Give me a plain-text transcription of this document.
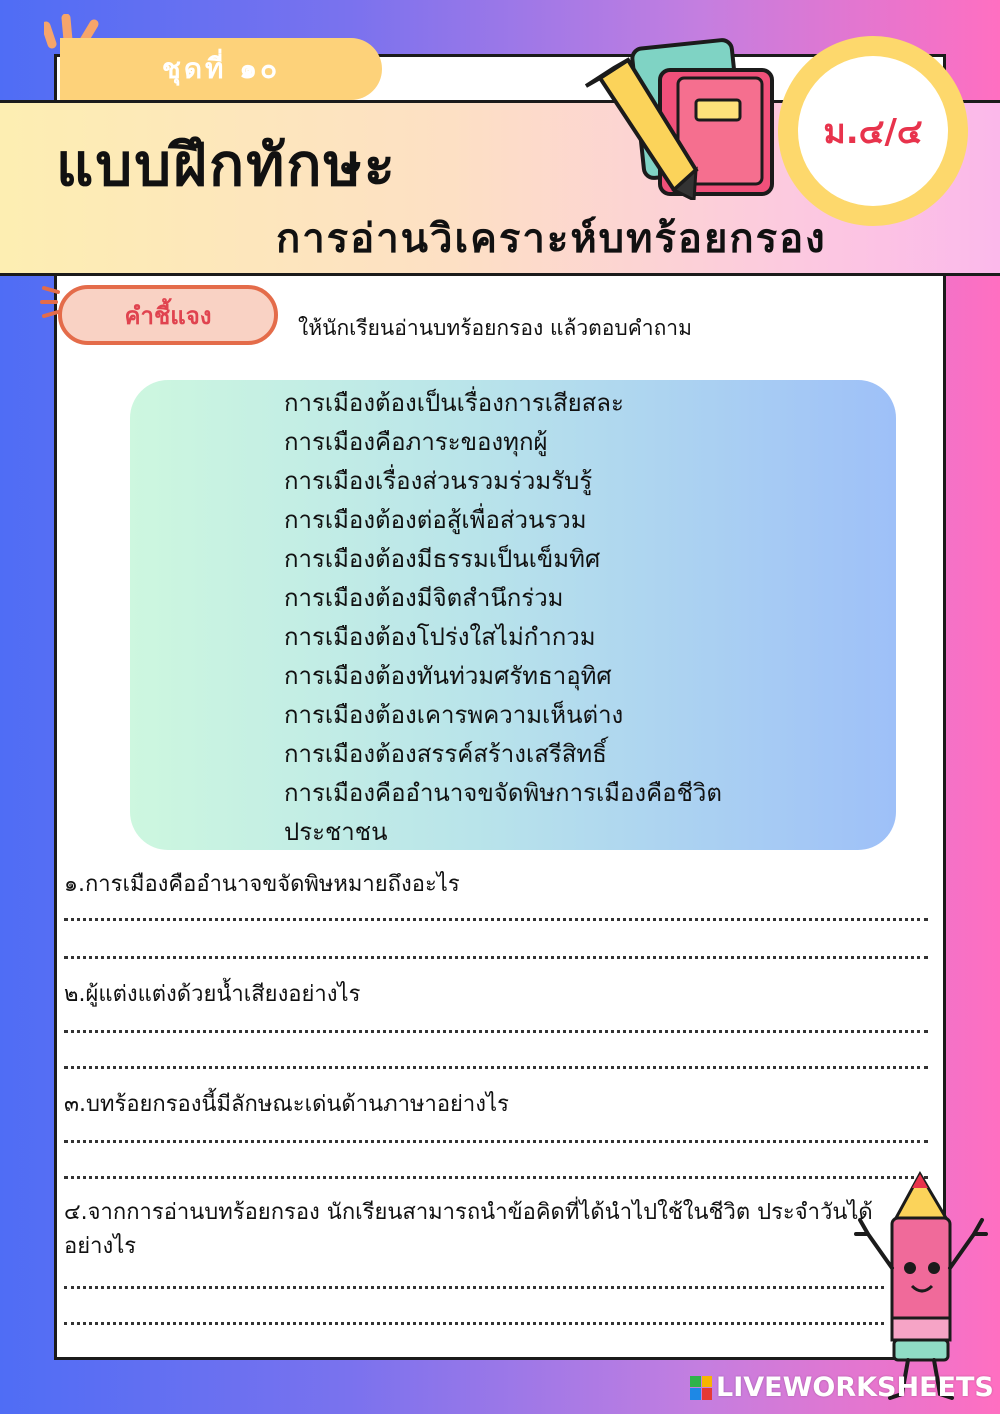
ชุดที่ ๑๐
แบบฝึกทักษะ
การอ่านวิเคราะห์บทร้อยกรอง
ม.๔/๔
คำชี้แจง	ให้นักเรียนอ่านบทร้อยกรอง แล้วตอบคำถาม
การเมืองต้องเป็นเรื่องการเสียสละ
การเมืองคือภาระของทุกผู้
การเมืองเรื่องส่วนรวมร่วมรับรู้
การเมืองต้องต่อสู้เพื่อส่วนรวม
การเมืองต้องมีธรรมเป็นเข็มทิศ
การเมืองต้องมีจิตสำนึกร่วม
การเมืองต้องโปร่งใสไม่กำกวม
การเมืองต้องทันท่วมศรัทธาอุทิศ
การเมืองต้องเคารพความเห็นต่าง
การเมืองต้องสรรค์สร้างเสรีสิทธิ์
การเมืองคืออำนาจขจัดพิษการเมืองคือชีวิต
ประชาชน
๑.การเมืองคืออำนาจขจัดพิษหมายถึงอะไร
๒.ผู้แต่งแต่งด้วยน้ำเสียงอย่างไร
๓.บทร้อยกรองนี้มีลักษณะเด่นด้านภาษาอย่างไร
๔.จากการอ่านบทร้อยกรอง นักเรียนสามารถนำข้อคิดที่ได้นำไปใช้ในชีวิต ประจำวันได้อย่างไร
LIVEWORKSHEETS
